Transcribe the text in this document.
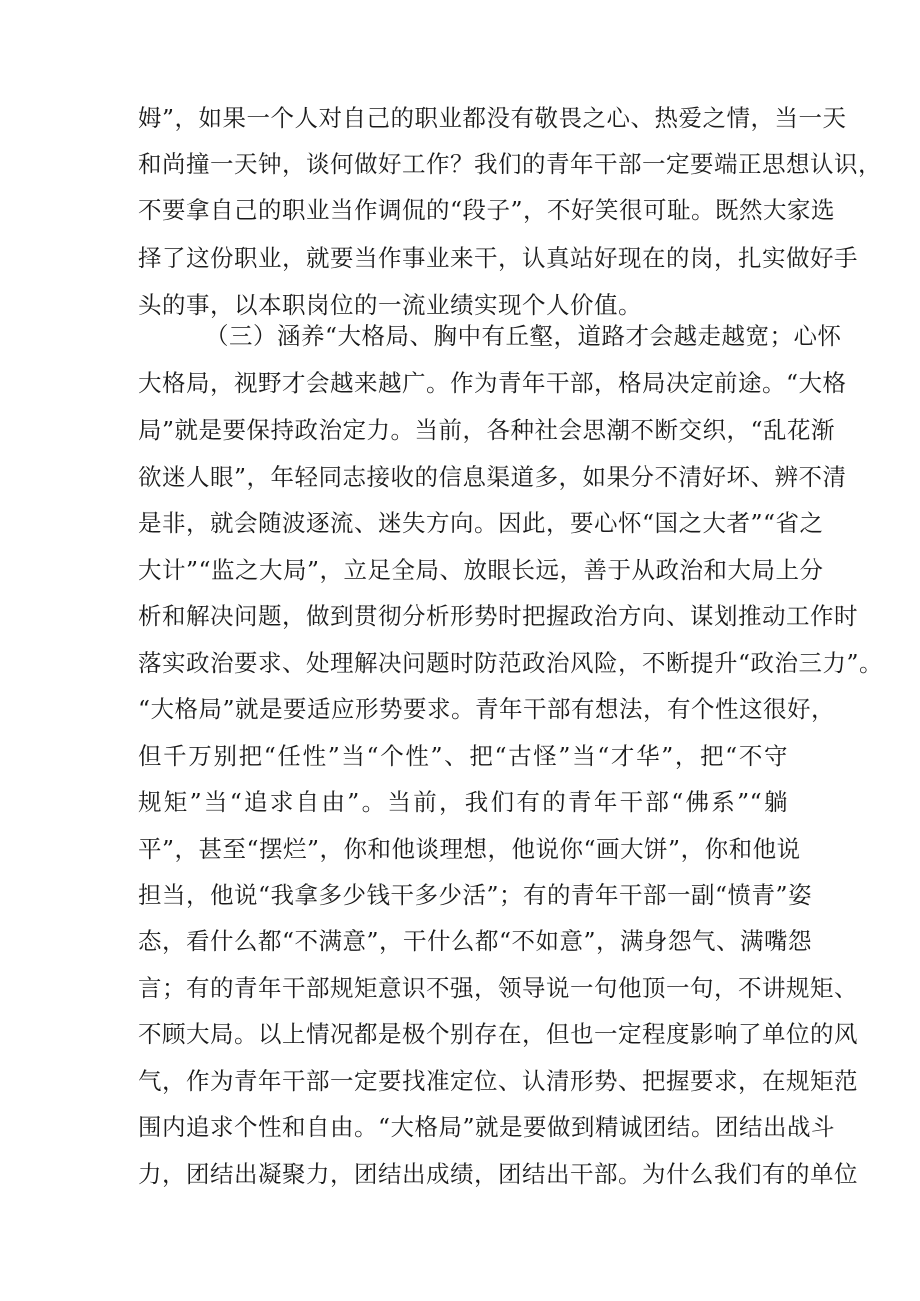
姆”，如果一个人对自己的职业都没有敬畏之心、热爱之情，当一天
和尚撞一天钟，谈何做好工作？我们的青年干部一定要端正思想认识，
不要拿自己的职业当作调侃的“段子”，不好笑很可耻。既然大家选
择了这份职业，就要当作事业来干，认真站好现在的岗，扎实做好手
头的事，以本职岗位的一流业绩实现个人价值。
（三）涵养“大格局、胸中有丘壑，道路才会越走越宽；心怀
大格局，视野才会越来越广。作为青年干部，格局决定前途。“大格
局”就是要保持政治定力。当前，各种社会思潮不断交织，“乱花渐
欲迷人眼”，年轻同志接收的信息渠道多，如果分不清好坏、辨不清
是非，就会随波逐流、迷失方向。因此，要心怀“国之大者”“省之
大计”“监之大局”，立足全局、放眼长远，善于从政治和大局上分
析和解决问题，做到贯彻分析形势时把握政治方向、谋划推动工作时
落实政治要求、处理解决问题时防范政治风险，不断提升“政治三力”。
“大格局”就是要适应形势要求。青年干部有想法，有个性这很好，
但千万别把“任性”当“个性”、把“古怪”当“才华”，把“不守
规矩”当“追求自由”。当前，我们有的青年干部“佛系”“躺
平”，甚至“摆烂”，你和他谈理想，他说你“画大饼”，你和他说
担当，他说“我拿多少钱干多少活”；有的青年干部一副“愤青”姿
态，看什么都“不满意”，干什么都“不如意”，满身怨气、满嘴怨
言；有的青年干部规矩意识不强，领导说一句他顶一句，不讲规矩、
不顾大局。以上情况都是极个别存在，但也一定程度影响了单位的风
气，作为青年干部一定要找准定位、认清形势、把握要求，在规矩范
围内追求个性和自由。“大格局”就是要做到精诚团结。团结出战斗
力，团结出凝聚力，团结出成绩，团结出干部。为什么我们有的单位
